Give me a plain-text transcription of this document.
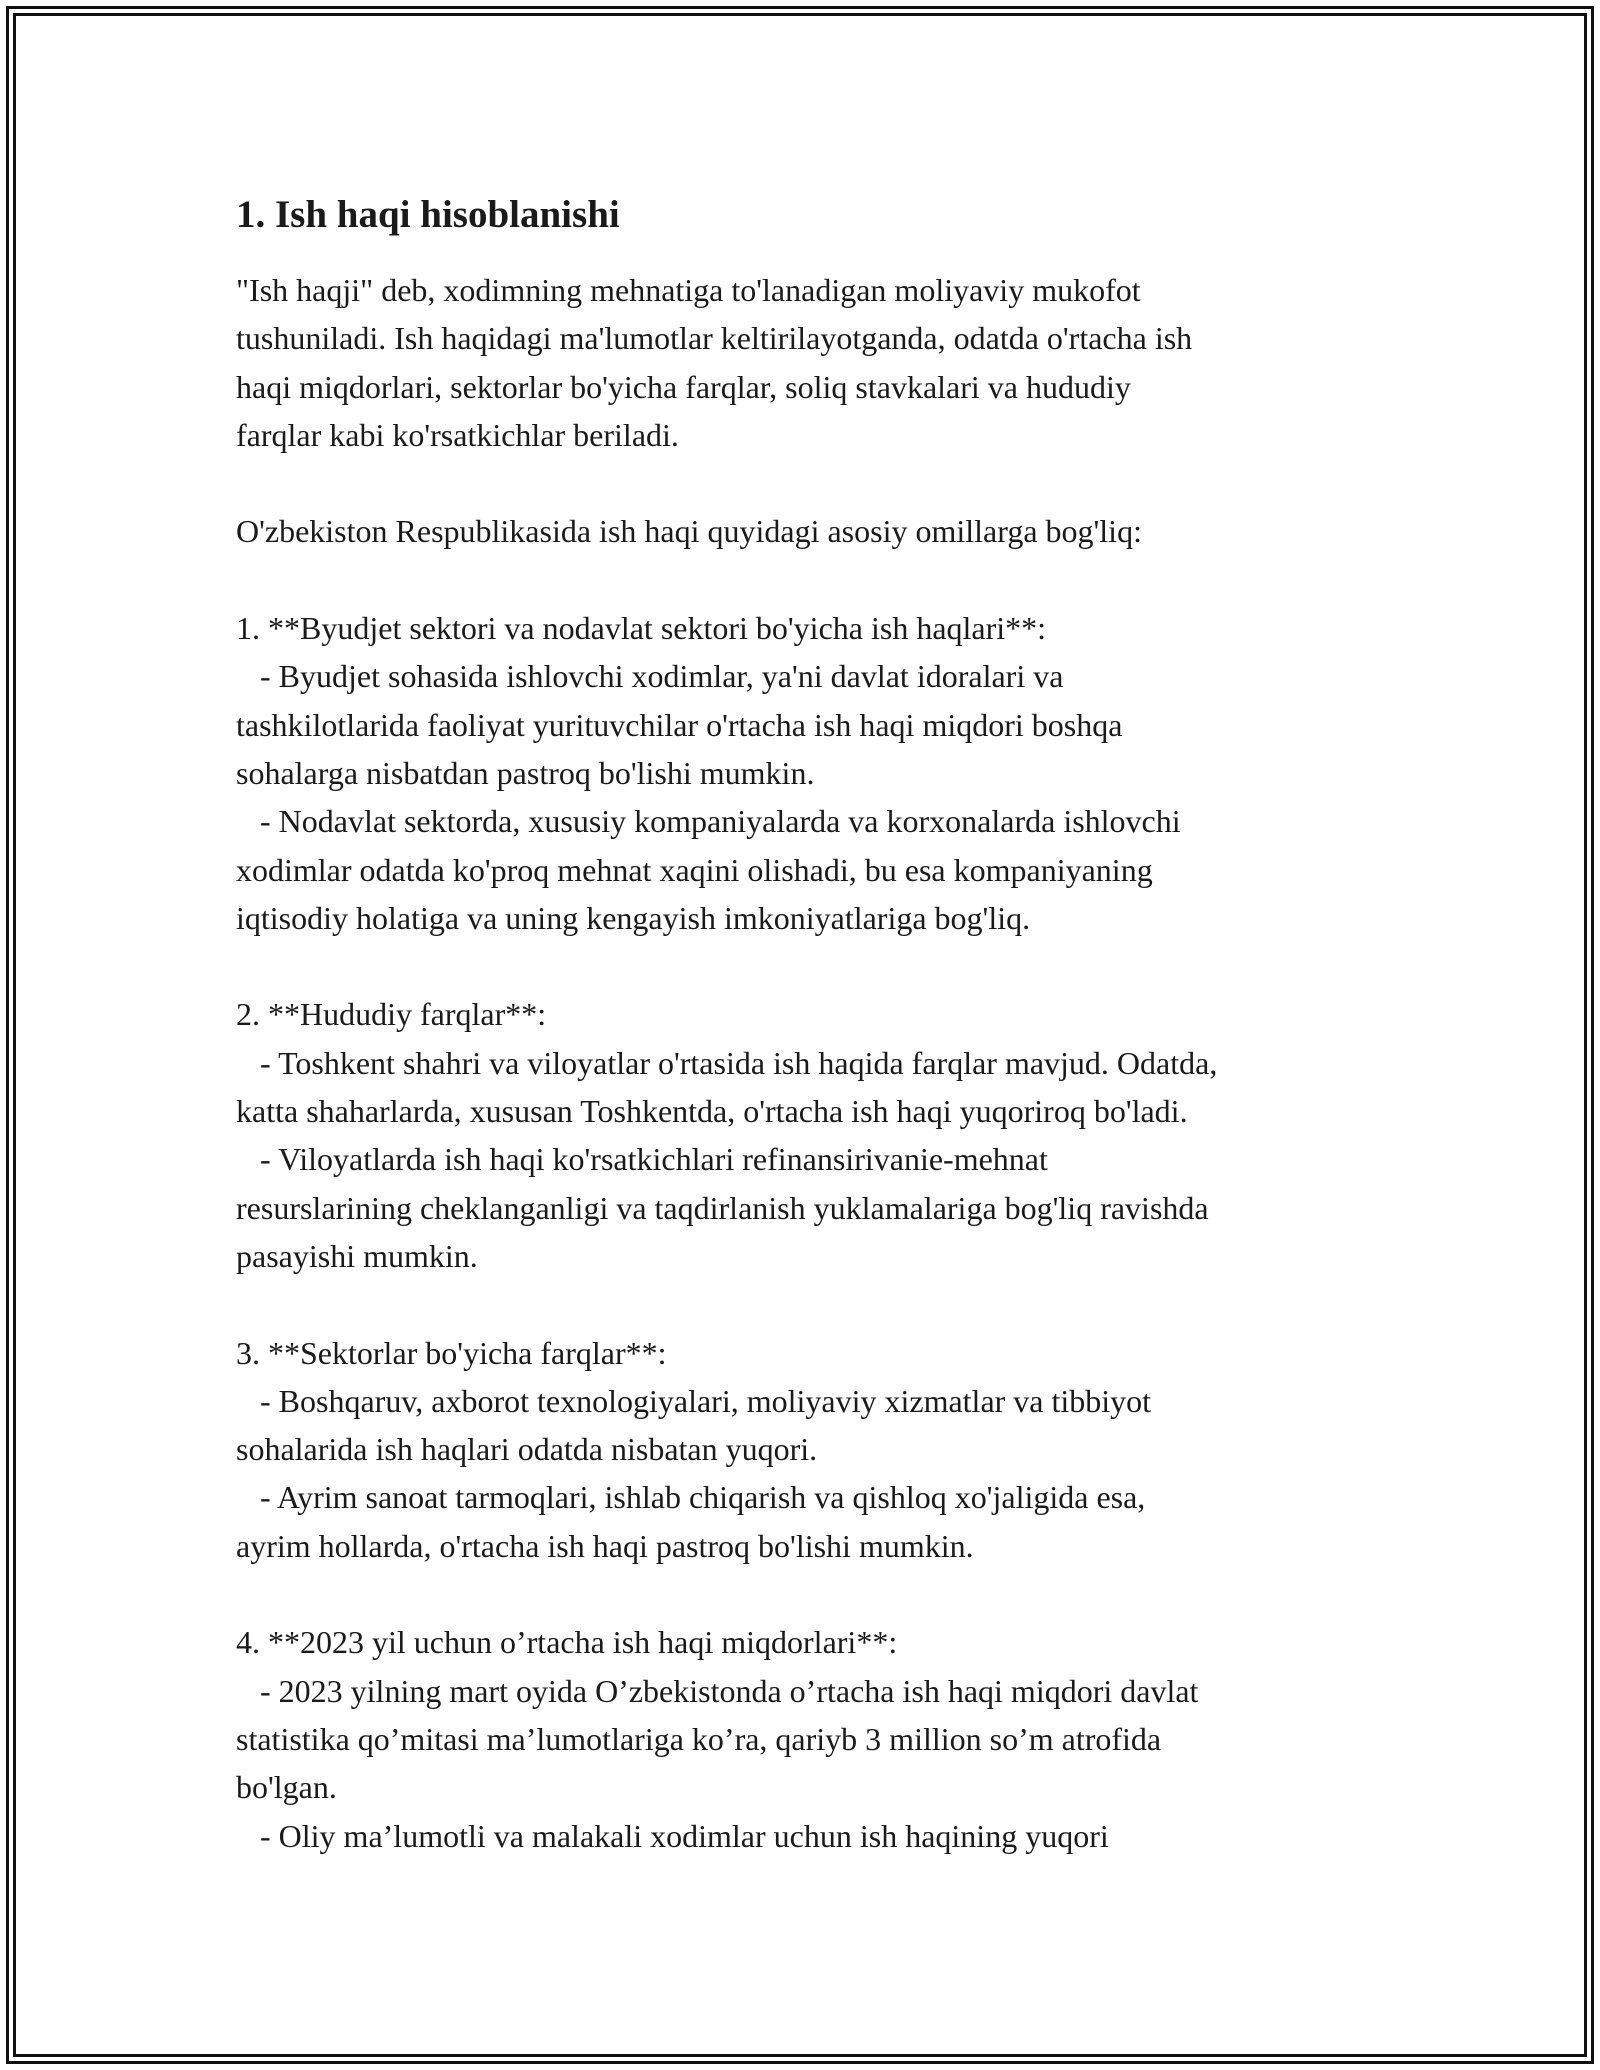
1. Ish haqi hisoblanishi

"Ish haqji" deb, xodimning mehnatiga to'lanadigan moliyaviy mukofot
tushuniladi. Ish haqidagi ma'lumotlar keltirilayotganda, odatda o'rtacha ish
haqi miqdorlari, sektorlar bo'yicha farqlar, soliq stavkalari va hududiy
farqlar kabi ko'rsatkichlar beriladi.

O'zbekiston Respublikasida ish haqi quyidagi asosiy omillarga bog'liq:

1. **Byudjet sektori va nodavlat sektori bo'yicha ish haqlari**:
- Byudjet sohasida ishlovchi xodimlar, ya'ni davlat idoralari va
tashkilotlarida faoliyat yurituvchilar o'rtacha ish haqi miqdori boshqa
sohalarga nisbatdan pastroq bo'lishi mumkin.
- Nodavlat sektorda, xususiy kompaniyalarda va korxonalarda ishlovchi
xodimlar odatda ko'proq mehnat xaqini olishadi, bu esa kompaniyaning
iqtisodiy holatiga va uning kengayish imkoniyatlariga bog'liq.

2. **Hududiy farqlar**:
- Toshkent shahri va viloyatlar o'rtasida ish haqida farqlar mavjud. Odatda,
katta shaharlarda, xususan Toshkentda, o'rtacha ish haqi yuqoriroq bo'ladi.
- Viloyatlarda ish haqi ko'rsatkichlari refinansirivanie-mehnat
resurslarining cheklanganligi va taqdirlanish yuklamalariga bog'liq ravishda
pasayishi mumkin.

3. **Sektorlar bo'yicha farqlar**:
- Boshqaruv, axborot texnologiyalari, moliyaviy xizmatlar va tibbiyot
sohalarida ish haqlari odatda nisbatan yuqori.
- Ayrim sanoat tarmoqlari, ishlab chiqarish va qishloq xo'jaligida esa,
ayrim hollarda, o'rtacha ish haqi pastroq bo'lishi mumkin.

4. **2023 yil uchun o’rtacha ish haqi miqdorlari**:
- 2023 yilning mart oyida O’zbekistonda o’rtacha ish haqi miqdori davlat
statistika qo’mitasi ma’lumotlariga ko’ra, qariyb 3 million so’m atrofida
bo'lgan.
- Oliy ma’lumotli va malakali xodimlar uchun ish haqining yuqori
